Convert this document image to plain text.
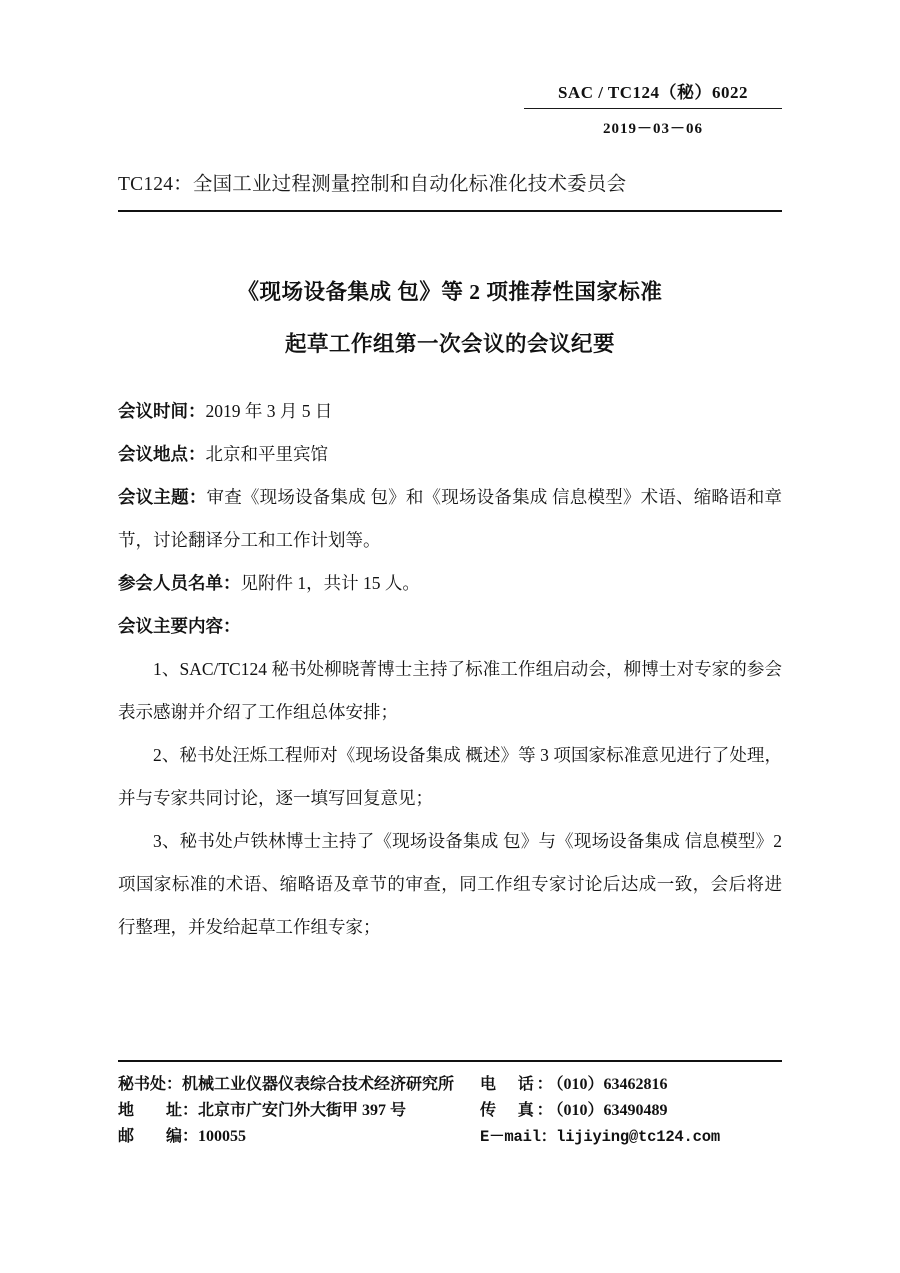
SAC / TC124（秘）6022
2019－03－06
TC124：全国工业过程测量控制和自动化标准化技术委员会
《现场设备集成 包》等 2 项推荐性国家标准
起草工作组第一次会议的会议纪要

会议时间：2019 年 3 月 5 日

会议地点：北京和平里宾馆

会议主题：审查《现场设备集成 包》和《现场设备集成 信息模型》术语、缩略语和章节，讨论翻译分工和工作计划等。

参会人员名单：见附件 1，共计 15 人。

会议主要内容：

1、SAC/TC124 秘书处柳晓菁博士主持了标准工作组启动会，柳博士对专家的参会表示感谢并介绍了工作组总体安排；

2、秘书处汪烁工程师对《现场设备集成 概述》等 3 项国家标准意见进行了处理，并与专家共同讨论，逐一填写回复意见；

3、秘书处卢铁林博士主持了《现场设备集成 包》与《现场设备集成 信息模型》2 项国家标准的术语、缩略语及章节的审查，同工作组专家讨论后达成一致，会后将进行整理，并发给起草工作组专家；

秘书处：机械工业仪器仪表综合技术经济研究所	电　话：（010）63462816
地　　址：北京市广安门外大街甲 397 号	传　真：（010）63490489
邮　　编：100055	E－mail：lijiying@tc124.com
